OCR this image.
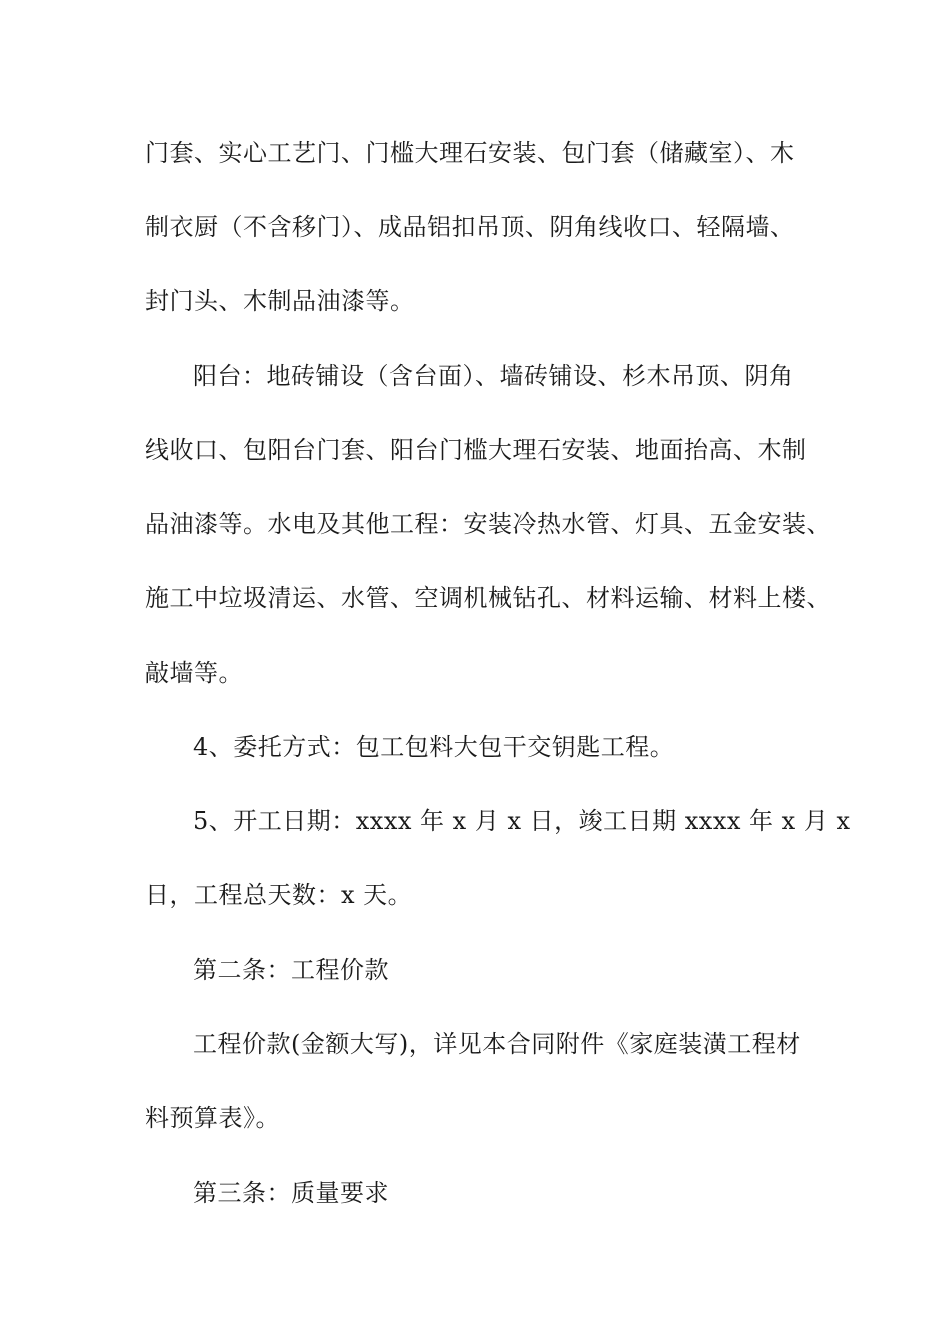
门套、实心工艺门、门槛大理石安装、包门套（储藏室）、木
制衣厨（不含移门）、成品铝扣吊顶、阴角线收口、轻隔墙、
封门头、木制品油漆等。
阳台：地砖铺设（含台面）、墙砖铺设、杉木吊顶、阴角
线收口、包阳台门套、阳台门槛大理石安装、地面抬高、木制
品油漆等。水电及其他工程：安装冷热水管、灯具、五金安装、
施工中垃圾清运、水管、空调机械钻孔、材料运输、材料上楼、
敲墙等。
4、委托方式：包工包料大包干交钥匙工程。
5、开工日期：xxxx 年 x 月 x 日，竣工日期 xxxx 年 x 月 x
日，工程总天数：x 天。
第二条：工程价款
工程价款(金额大写)，详见本合同附件《家庭装潢工程材
料预算表》。
第三条：质量要求
